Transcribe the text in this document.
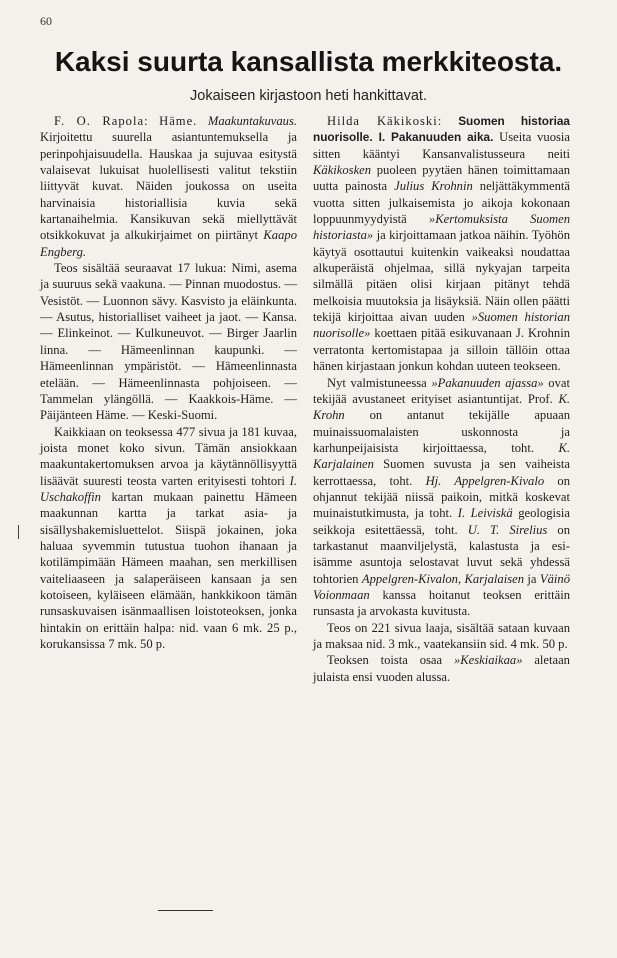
60
Kaksi suurta kansallista merkkiteosta.
Jokaiseen kirjastoon heti hankittavat.

F. O. Rapola: Häme. Maakuntakuvaus. Kirjoitettu suurella asiantuntemuksella ja perinpohjaisuudella. Hauskaa ja sujuvaa esitystä valaisevat lukuisat huolellisesti valitut tekstiin liittyvät kuvat. Näiden joukossa on useita harvinaisia historiallisia kuvia sekä kartanaihelmia. Kansikuvan sekä miellyttävät otsikkokuvat ja alkukirjaimet on piirtänyt Kaapo Engberg.

Teos sisältää seuraavat 17 lukua: Nimi, asema ja suuruus sekä vaakuna. — Pinnan muodostus. — Vesistöt. — Luonnon sävy. Kasvisto ja eläinkunta. — Asutus, historialliset vaiheet ja jaot. — Kansa. — Elinkeinot. — Kulkuneuvot. — Birger Jaarlin linna. — Hämeenlinnan kaupunki. — Hämeenlinnan ympäristöt. — Hämeenlinnasta etelään. — Hämeenlinnasta pohjoiseen. — Tammelan ylängöllä. — Kaakkois-Häme. — Päijänteen Häme. — Keski-Suomi.

Kaikkiaan on teoksessa 477 sivua ja 181 kuvaa, joista monet koko sivun. Tämän ansiokkaan maakuntakertomuksen arvoa ja käytännöllisyyttä lisäävät suuresti teosta varten erityisesti tohtori I. Uschakoffin kartan mukaan painettu Hämeen maakunnan kartta ja tarkat asia- ja sisällyshakemisluettelot. Siispä jokainen, joka haluaa syvemmin tutustua tuohon ihanaan ja kotilämpimään Hämeen maahan, sen merkillisen vaiteliaaseen ja salaperäiseen kansaan ja sen kotoiseen, kyläiseen elämään, hankkikoon tämän runsaskuvaisen isänmaallisen loistoteoksen, jonka hintakin on erittäin halpa: nid. vaan 6 mk. 25 p., korukansissa 7 mk. 50 p.

Hilda Käkikoski: Suomen historiaa nuorisolle. I. Pakanuuden aika. Useita vuosia sitten kääntyi Kansanvalistusseura neiti Käkikosken puoleen pyytäen hänen toimittamaan uutta painosta Julius Krohnin neljättäkymmentä vuotta sitten julkaisemista jo aikoja kokonaan loppuunmyydyistä »Kertomuksista Suomen historiasta» ja kirjoittamaan jatkoa näihin. Työhön käytyä osottautui kuitenkin vaikeaksi noudattaa alkuperäistä ohjelmaa, sillä nykyajan tarpeita silmällä pitäen olisi kirjaan pitänyt tehdä melkoisia muutoksia ja lisäyksiä. Näin ollen päätti tekijä kirjoittaa aivan uuden »Suomen historian nuorisolle» koettaen pitää esikuvanaan J. Krohnin verratonta kertomistapaa ja silloin tällöin ottaa hänen kirjastaan jonkun kohdan uuteen teokseen.

Nyt valmistuneessa »Pakanuuden ajassa» ovat tekijää avustaneet erityiset asiantuntijat. Prof. K. Krohn on antanut tekijälle apuaan muinaissuomalaisten uskonnosta ja karhunpeijaisista kirjoittaessa, toht. K. Karjalainen Suomen suvusta ja sen vaiheista kerrottaessa, toht. Hj. Appelgren-Kivalo on ohjannut tekijää niissä paikoin, mitkä koskevat muinaistutkimusta, ja toht. I. Leiviskä geologisia seikkoja esitettäessä, toht. U. T. Sirelius on tarkastanut maanviljelystä, kalastusta ja esi-isämme asuntoja selostavat luvut sekä yhdessä tohtorien Appelgren-Kivalon, Karjalaisen ja Väinö Voionmaan kanssa hoitanut teoksen erittäin runsasta ja arvokasta kuvitusta.

Teos on 221 sivua laaja, sisältää sataan kuvaan ja maksaa nid. 3 mk., vaatekansiin sid. 4 mk. 50 p.

Teoksen toista osaa »Keskiaikaa» aletaan julaista ensi vuoden alussa.
